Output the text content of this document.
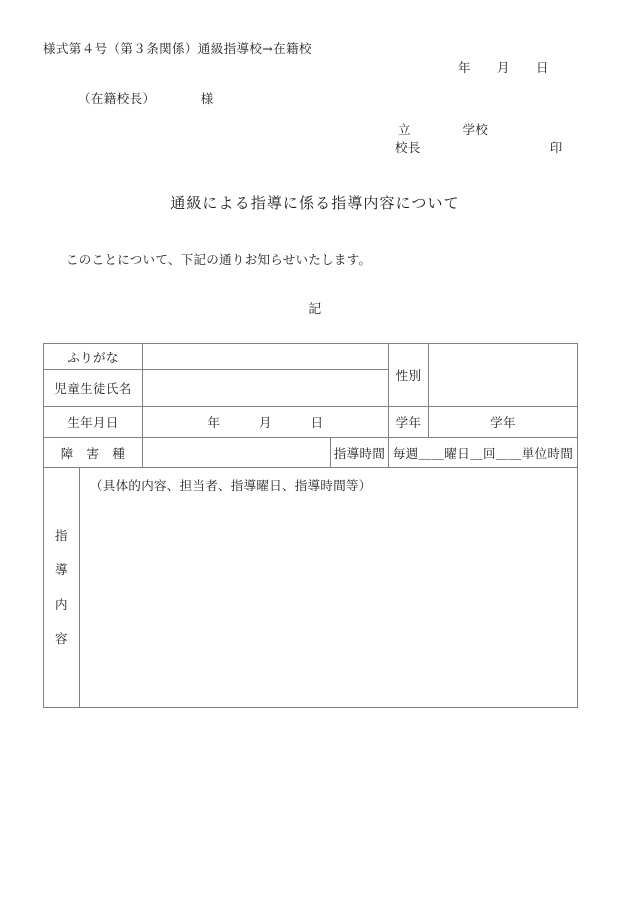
様式第４号（第３条関係）通級指導校→在籍校
年　　月　　日
（在籍校長）　　　　様
立　　　　学校
校長　　　　　　　　　　印
通級による指導に係る指導内容について
このことについて、下記の通りお知らせいたします。
記
ふりがな				性別	
児童生徒氏名					
生年月日		年　　　月　　　日		学年	学年
障　害　種			指導時間	毎週＿＿曜日＿回＿＿単位時間	

指
導
内
容	（具体的内容、担当者、指導曜日、指導時間等）				
